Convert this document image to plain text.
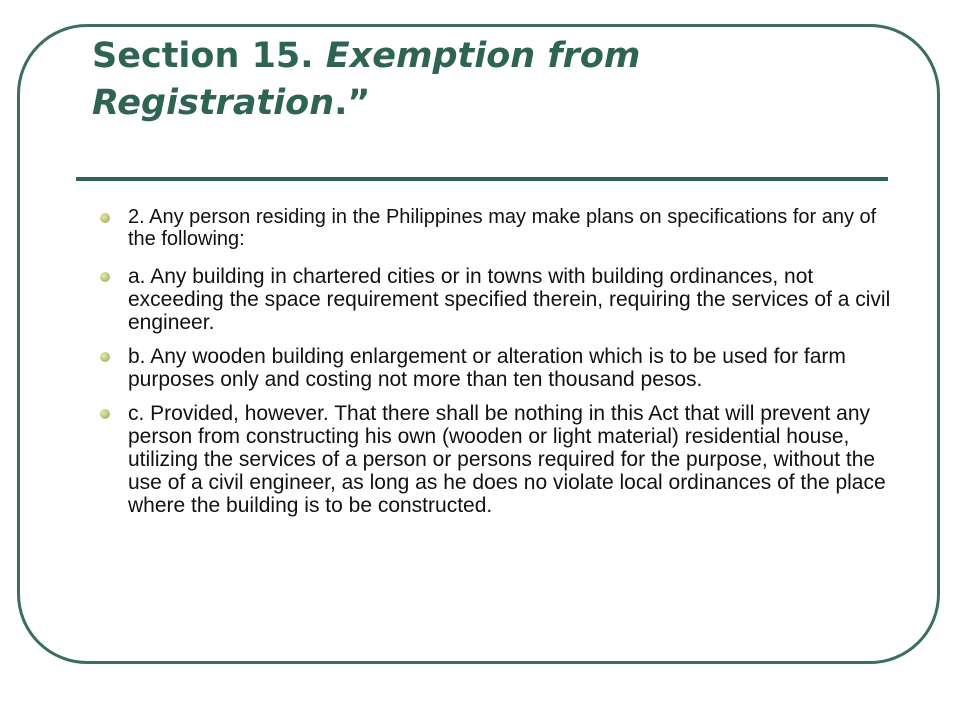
Section 15. Exemption from Registration.”
2. Any person residing in the Philippines may make plans on specifications for any of the following:
a. Any building in chartered cities or in towns with building ordinances, not exceeding the space requirement specified therein, requiring the services of a civil engineer.
b. Any wooden building enlargement or alteration which is to be used for farm purposes only and costing not more than ten thousand pesos.
c. Provided, however. That there shall be nothing in this Act that will prevent any person from constructing his own (wooden or light material) residential house, utilizing the services of a person or persons required for the purpose, without the use of a civil engineer, as long as he does no violate local ordinances of the place where the building is to be constructed.
